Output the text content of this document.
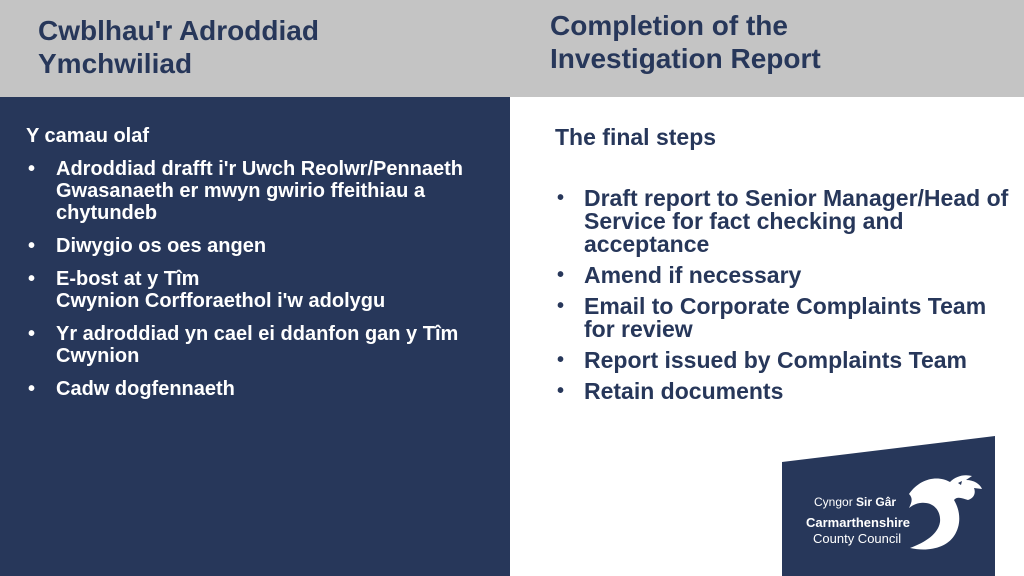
Cwblhau'r Adroddiad
Ymchwiliad
Completion of the
Investigation Report

Y camau olaf

• Adroddiad drafft i'r Uwch Reolwr/Pennaeth Gwasanaeth er mwyn gwirio ffeithiau a chytundeb
• Diwygio os oes angen
• E-bost at y Tîm
Cwynion Corfforaethol i'w adolygu
• Yr adroddiad yn cael ei ddanfon gan y Tîm Cwynion
• Cadw dogfennaeth

The final steps

• Draft report to Senior Manager/Head of Service for fact checking and acceptance
• Amend if necessary
• Email to Corporate Complaints Team for review
• Report issued by Complaints Team
• Retain documents
Cyngor Sir Gâr
Carmarthenshire
County Council
